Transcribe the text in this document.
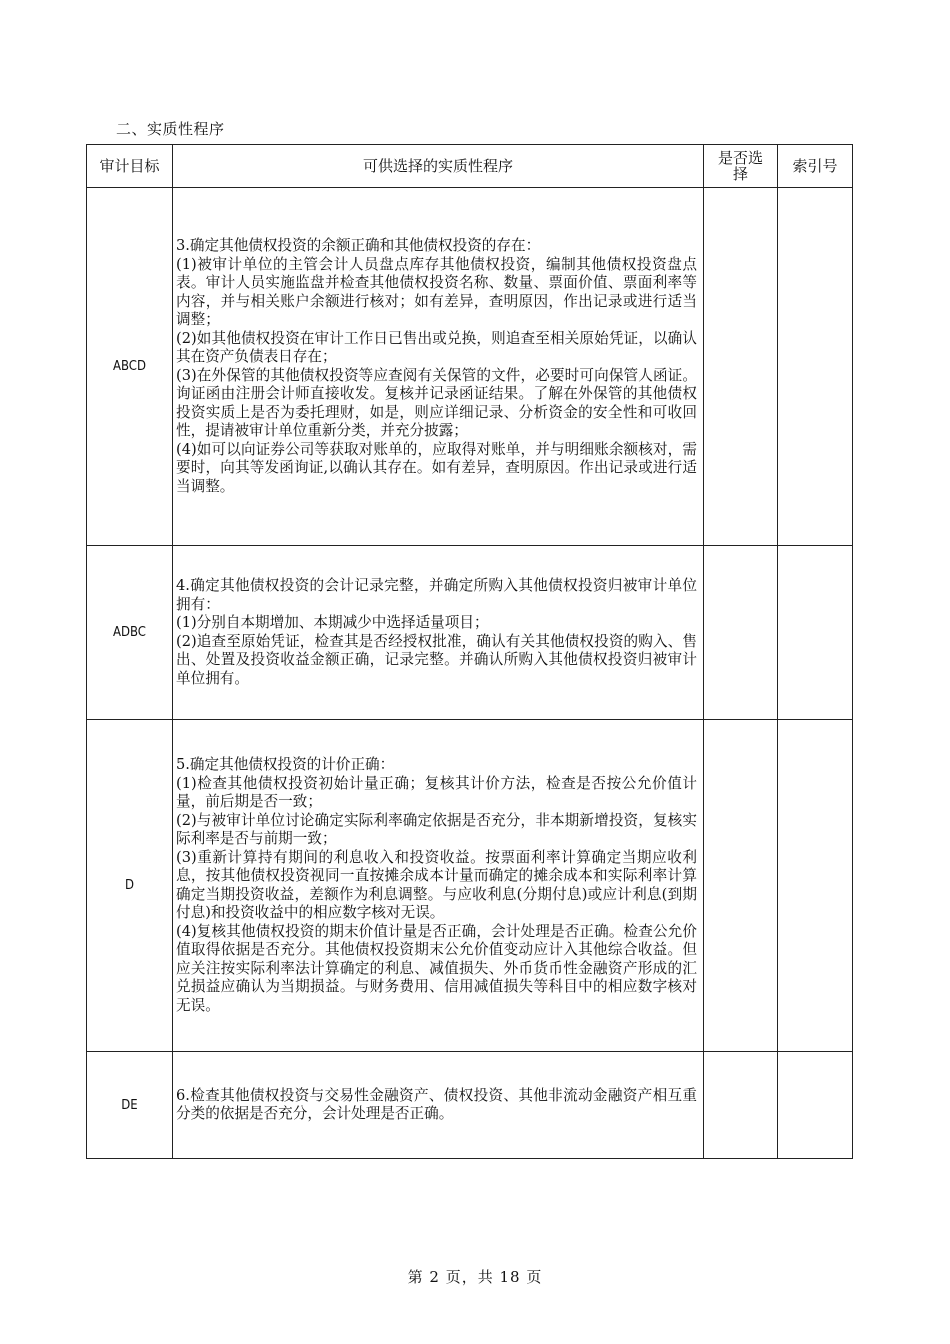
二、实质性程序
审计目标	可供选择的实质性程序	是否选择	索引号
ABCD	3.确定其他债权投资的余额正确和其他债权投资的存在：
(1)被审计单位的主管会计人员盘点库存其他债权投资，编制其他债权投资盘点表。审计人员实施监盘并检查其他债权投资名称、数量、票面价值、票面利率等内容，并与相关账户余额进行核对；如有差异，查明原因，作出记录或进行适当调整；
(2)如其他债权投资在审计工作日已售出或兑换，则追查至相关原始凭证，以确认其在资产负债表日存在；
(3)在外保管的其他债权投资等应查阅有关保管的文件，必要时可向保管人函证。询证函由注册会计师直接收发。复核并记录函证结果。了解在外保管的其他债权投资实质上是否为委托理财，如是，则应详细记录、分析资金的安全性和可收回性，提请被审计单位重新分类，并充分披露；
(4)如可以向证券公司等获取对账单的，应取得对账单，并与明细账余额核对，需要时，向其等发函询证,以确认其存在。如有差异，查明原因。作出记录或进行适当调整。		

ADBC	4.确定其他债权投资的会计记录完整，并确定所购入其他债权投资归被审计单位拥有：
(1)分别自本期增加、本期减少中选择适量项目；
(2)追查至原始凭证，检查其是否经授权批准，确认有关其他债权投资的购入、售出、处置及投资收益金额正确，记录完整。并确认所购入其他债权投资归被审计单位拥有。		

D	5.确定其他债权投资的计价正确：
(1)检查其他债权投资初始计量正确；复核其计价方法，检查是否按公允价值计量，前后期是否一致；
(2)与被审计单位讨论确定实际利率确定依据是否充分，非本期新增投资，复核实际利率是否与前期一致；
(3)重新计算持有期间的利息收入和投资收益。按票面利率计算确定当期应收利息，按其他债权投资视同一直按摊余成本计量而确定的摊余成本和实际利率计算确定当期投资收益，差额作为利息调整。与应收利息(分期付息)或应计利息(到期付息)和投资收益中的相应数字核对无误。
(4)复核其他债权投资的期末价值计量是否正确，会计处理是否正确。检查公允价值取得依据是否充分。其他债权投资期末公允价值变动应计入其他综合收益。但应关注按实际利率法计算确定的利息、减值损失、外币货币性金融资产形成的汇兑损益应确认为当期损益。与财务费用、信用减值损失等科目中的相应数字核对无误。		

DE	6.检查其他债权投资与交易性金融资产、债权投资、其他非流动金融资产相互重分类的依据是否充分，会计处理是否正确。		

第 2 页，共 18 页
